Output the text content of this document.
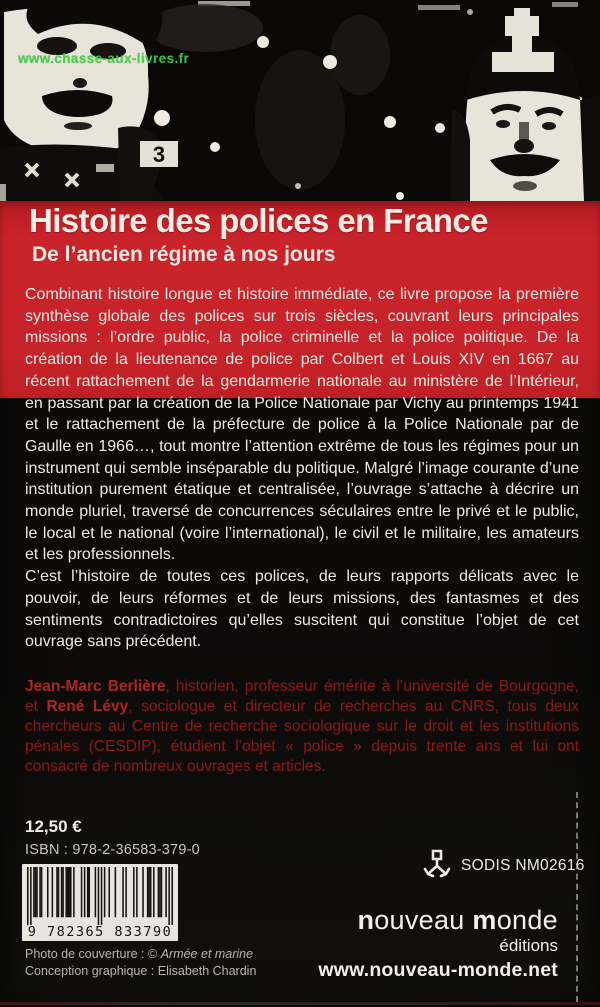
3
www.chasse-aux-livres.fr
Histoire des polices en France
De l’ancien régime à nos jours

Combinant histoire longue et histoire immédiate, ce livre propose la première synthèse globale des polices sur trois siècles, couvrant leurs principales missions : l’ordre public, la police criminelle et la police politique. De la création de la lieutenance de police par Colbert et Louis XIV en 1667 au récent rattachement de la gendarmerie nationale au ministère de l’Intérieur, en passant par la création de la Police Nationale par Vichy au printemps 1941 et le rattachement de la préfecture de police à la Police Nationale par de Gaulle en 1966…, tout montre l’attention extrême de tous les régimes pour un instrument qui semble inséparable du politique. Malgré l’image courante d’une institution purement étatique et centralisée, l’ouvrage s’attache à décrire un monde pluriel, traversé de concurrences séculaires entre le privé et le public, le local et le national (voire l’international), le civil et le militaire, les amateurs et les professionnels.

C’est l’histoire de toutes ces polices, de leurs rapports délicats avec le pouvoir, de leurs réformes et de leurs missions, des fantasmes et des sentiments contradictoires qu’elles suscitent qui constitue l’objet de cet ouvrage sans précédent.

Jean-Marc Berlière, historien, professeur émérite à l’université de Bourgogne, et René Lévy, sociologue et directeur de recherches au CNRS, tous deux chercheurs au Centre de recherche sociologique sur le droit et les institutions pénales (CESDIP), étudient l’objet « police » depuis trente ans et lui ont consacré de nombreux ouvrages et articles.
12,50 €
ISBN : 978-2-36583-379-0
9 782365 833790
Photo de couverture : © Armée et marine
Conception graphique : Elisabeth Chardin
SODIS NM02616
nouveau monde
éditions
www.nouveau-monde.net
